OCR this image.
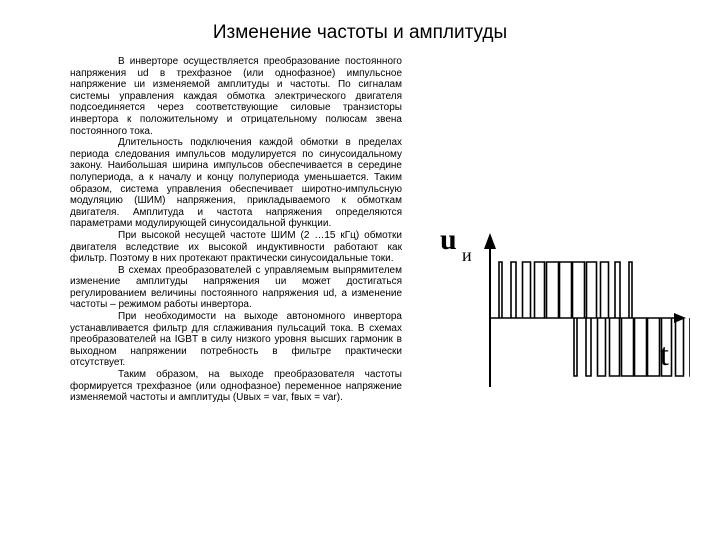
Изменение частоты и амплитуды

В инверторе осуществляется преобразование постоянного напряжения ud в трехфазное (или однофазное) импульсное напряжение uи изменяемой амплитуды и частоты. По сигналам системы управления каждая обмотка электрического двигателя подсоединяется через соответствующие силовые транзисторы инвертора к положительному и отрицательному полюсам звена постоянного тока.

Длительность подключения каждой обмотки в пределах периода следования импульсов модулируется по синусоидальному закону. Наибольшая ширина импульсов обеспечивается в середине полупериода, а к началу и концу полупериода уменьшается. Таким образом, система управления обеспечивает широтно-импульсную модуляцию (ШИМ) напряжения, прикладываемого к обмоткам двигателя. Амплитуда и частота напряжения определяются параметрами модулирующей синусоидальной функции.

При высокой несущей частоте ШИМ (2 …15 кГц) обмотки двигателя вследствие их высокой индуктивности работают как фильтр. Поэтому в них протекают практически синусоидальные токи.

В схемах преобразователей с управляемым выпрямителем изменение амплитуды напряжения uи может достигаться регулированием величины постоянного напряжения ud, а изменение частоты – режимом работы инвертора.

При необходимости на выходе автономного инвертора устанавливается фильтр для сглаживания пульсаций тока. В схемах преобразователей на IGBT в силу низкого уровня высших гармоник в выходном напряжении потребность в фильтре практически отсутствует.

Таким образом, на выходе преобразователя частоты формируется трехфазное (или однофазное) переменное напряжение изменяемой частоты и амплитуды (Uвых = var, fвых = var).

u и
t
